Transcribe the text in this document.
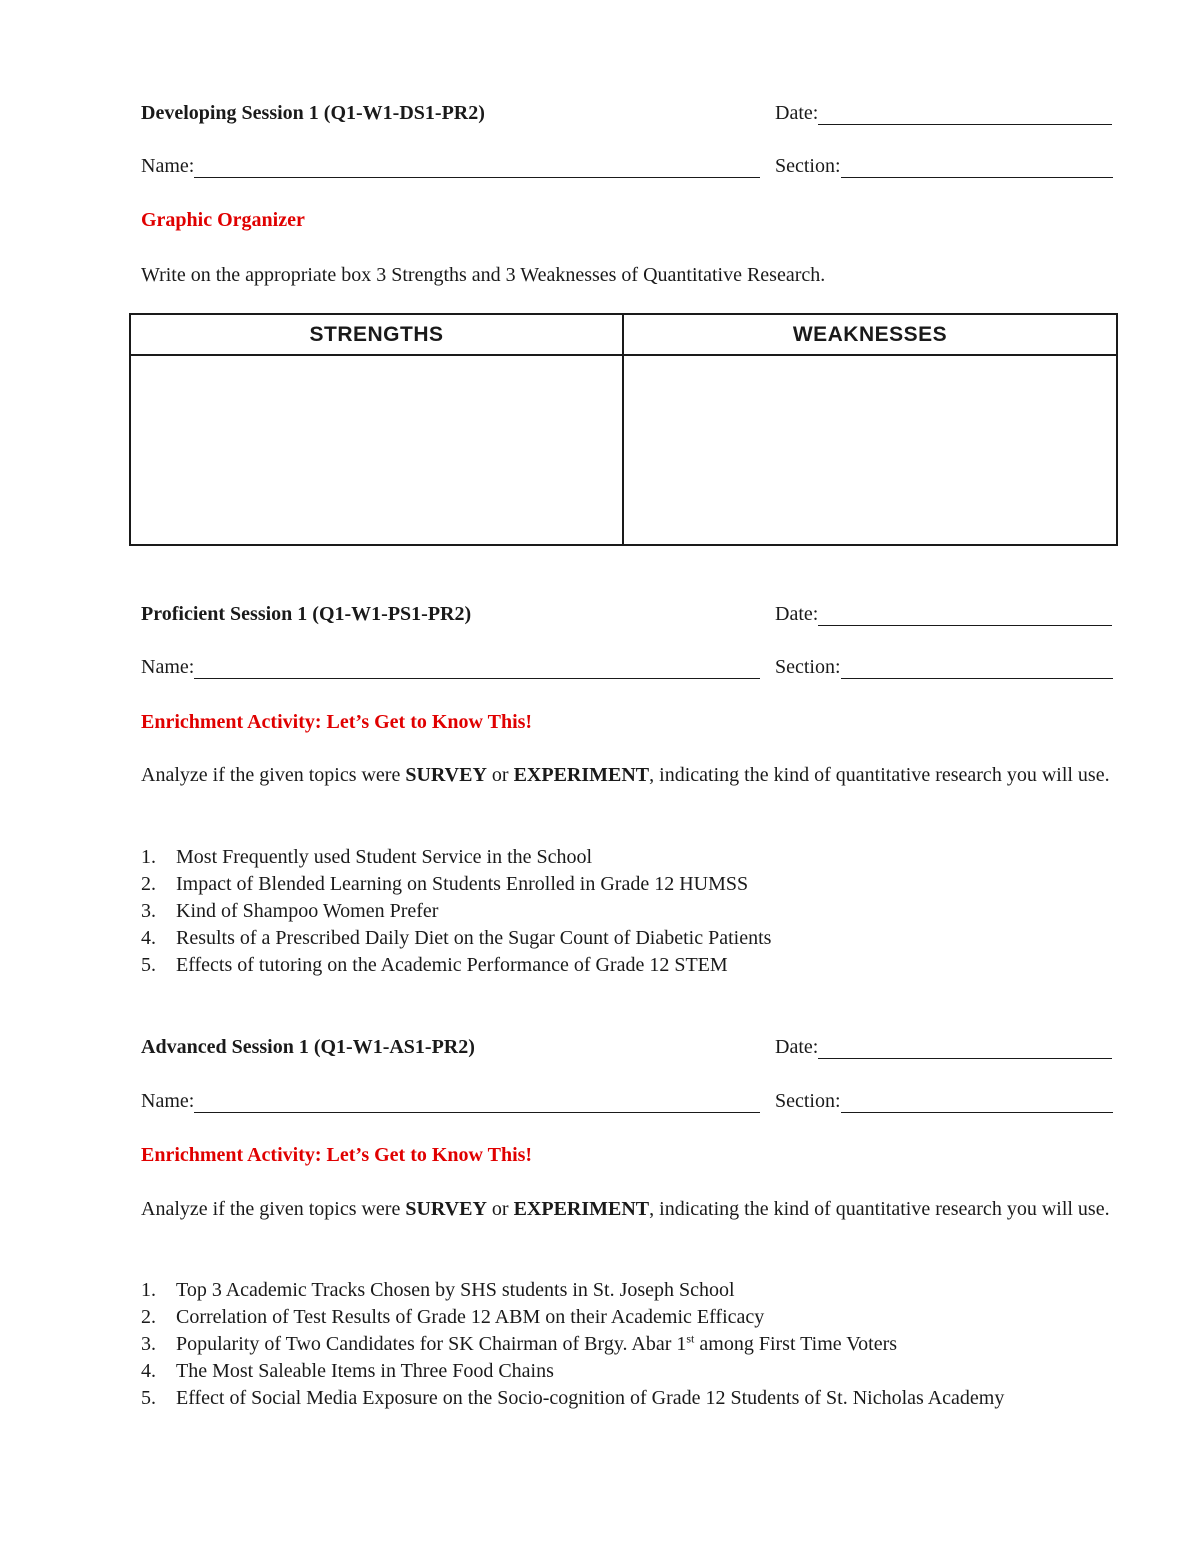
Developing Session 1 (Q1-W1-DS1-PR2)	Date:
Name:	Section:
Graphic Organizer
Write on the appropriate box 3 Strengths and 3 Weaknesses of Quantitative Research.
STRENGTHS	WEAKNESSES

Proficient Session 1 (Q1-W1-PS1-PR2)	Date:
Name:	Section:
Enrichment Activity: Let’s Get to Know This!
Analyze if the given topics were SURVEY or EXPERIMENT, indicating the kind of quantitative research you will use.
1. Most Frequently used Student Service in the School
2. Impact of Blended Learning on Students Enrolled in Grade 12 HUMSS
3. Kind of Shampoo Women Prefer
4. Results of a Prescribed Daily Diet on the Sugar Count of Diabetic Patients
5. Effects of tutoring on the Academic Performance of Grade 12 STEM
Advanced Session 1 (Q1-W1-AS1-PR2)	Date:
Name:	Section:
Enrichment Activity: Let’s Get to Know This!
Analyze if the given topics were SURVEY or EXPERIMENT, indicating the kind of quantitative research you will use.
1. Top 3 Academic Tracks Chosen by SHS students in St. Joseph School
2. Correlation of Test Results of Grade 12 ABM on their Academic Efficacy
3. Popularity of Two Candidates for SK Chairman of Brgy. Abar 1st among First Time Voters
4. The Most Saleable Items in Three Food Chains
5. Effect of Social Media Exposure on the Socio-cognition of Grade 12 Students of St. Nicholas Academy
